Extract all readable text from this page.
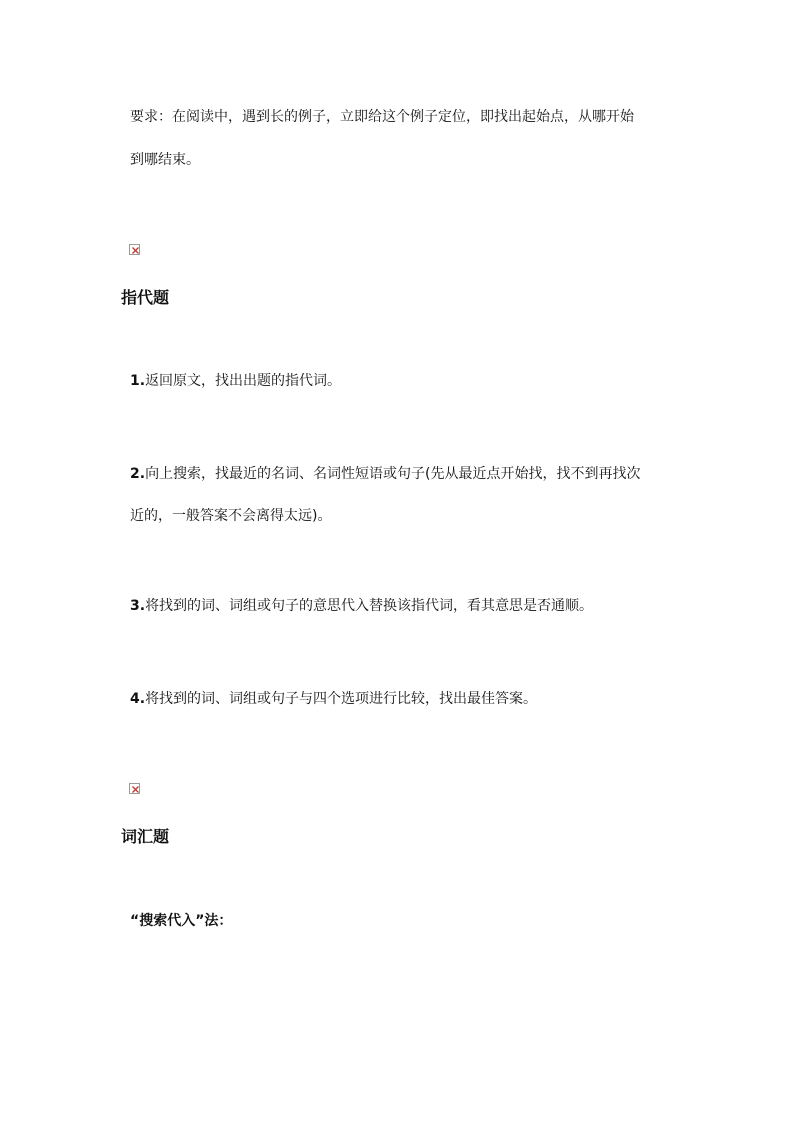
要求：在阅读中，遇到长的例子，立即给这个例子定位，即找出起始点，从哪开始
到哪结束。
指代题
1.返回原文，找出出题的指代词。
2.向上搜索，找最近的名词、名词性短语或句子(先从最近点开始找，找不到再找次
近的，一般答案不会离得太远)。
3.将找到的词、词组或句子的意思代入替换该指代词，看其意思是否通顺。
4.将找到的词、词组或句子与四个选项进行比较，找出最佳答案。
词汇题
“搜索代入”法：
